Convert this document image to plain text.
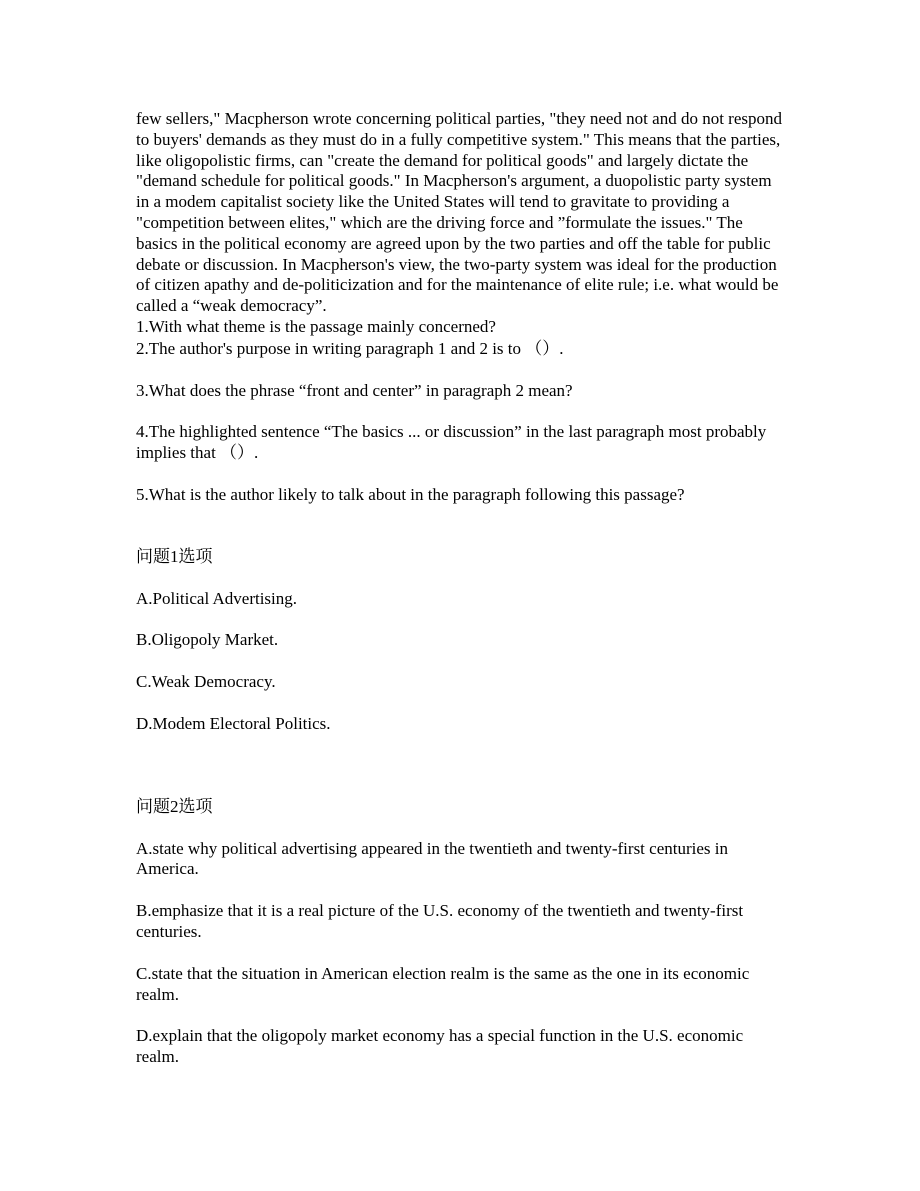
few sellers," Macpherson wrote concerning political parties, "they need not and do not respond to buyers' demands as they must do in a fully competitive system." This means that the parties, like oligopolistic firms, can "create the demand for political goods" and largely dictate the "demand schedule for political goods." In Macpherson's argument, a duopolistic party system in a modem capitalist society like the United States will tend to gravitate to providing a "competition between elites," which are the driving force and ”formulate the issues." The basics in the political economy are agreed upon by the two parties and off the table for public debate or discussion. In Macpherson's view, the two-party system was ideal for the production of citizen apathy and de-politicization and for the maintenance of elite rule; i.e. what would be called a “weak democracy”.

1.With what theme is the passage mainly concerned?

2.The author's purpose in writing paragraph 1 and 2 is to （）.

3.What does the phrase “front and center” in paragraph 2 mean?

4.The highlighted sentence “The basics ... or discussion” in the last paragraph most probably implies that （）.

5.What is the author likely to talk about in the paragraph following this passage?

问题1选项

A.Political Advertising.
B.Oligopoly Market.
C.Weak Democracy.
D.Modem Electoral Politics.

问题2选项

A.state why political advertising appeared in the twentieth and twenty-first centuries in America.
B.emphasize that it is a real picture of the U.S. economy of the twentieth and twenty-first centuries.
C.state that the situation in American election realm is the same as the one in its economic realm.
D.explain that the oligopoly market economy has a special function in the U.S. economic realm.
